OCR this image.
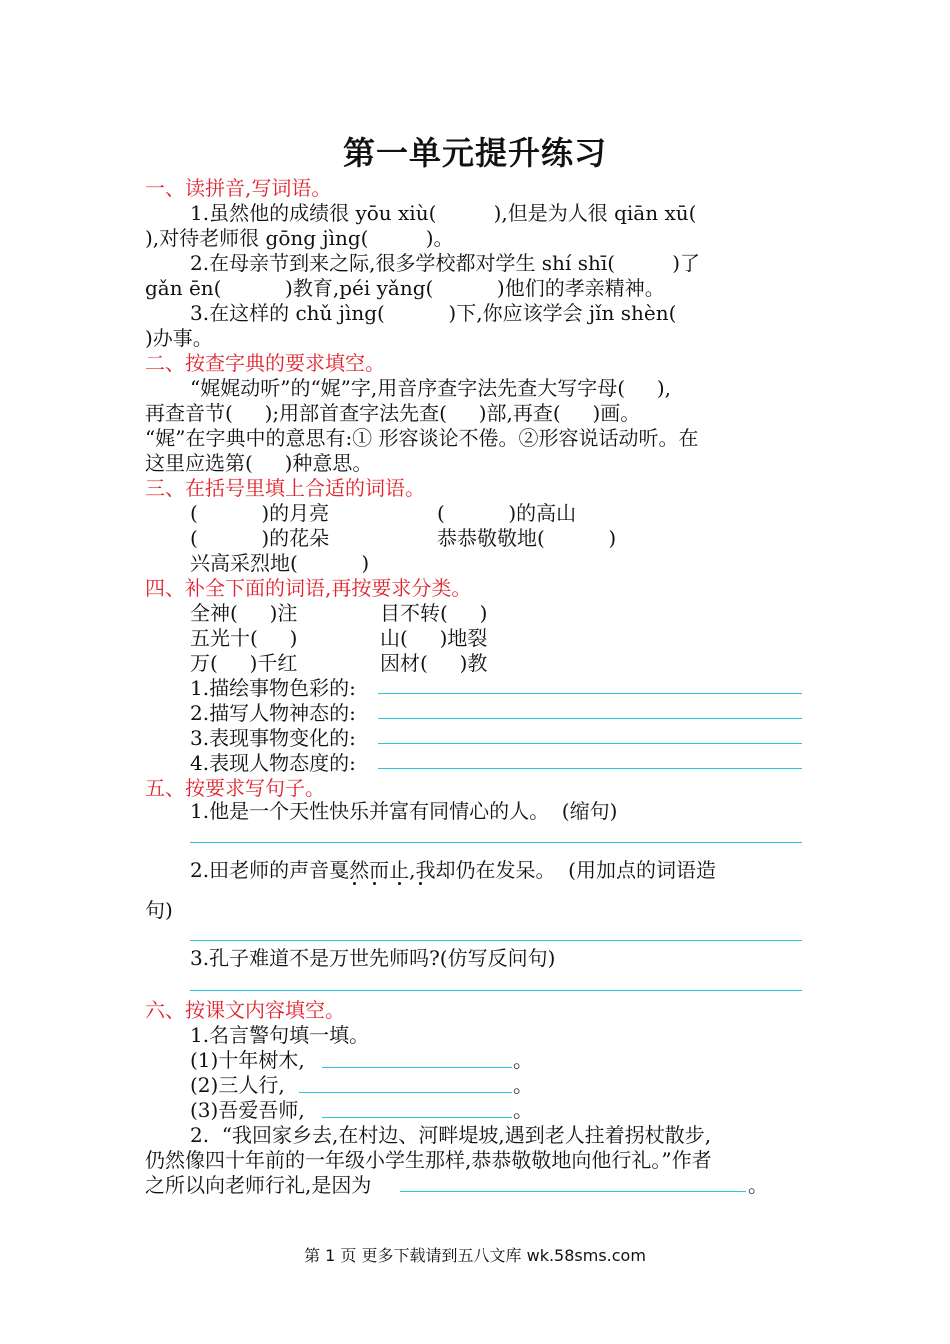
第一单元提升练习
一、读拼音,写词语。
1.虽然他的成绩很 yōu xiù(         ),但是为人很 qiān xū(
),对待老师很 gōng jìng(         )。
2.在母亲节到来之际,很多学校都对学生 shí shī(         )了
gǎn ēn(          )教育,péi yǎng(          )他们的孝亲精神。
3.在这样的 chǔ jìng(          )下,你应该学会 jǐn shèn(
)办事。
二、按查字典的要求填空。
“娓娓动听”的“娓”字,用音序查字法先查大写字母(     ),
再查音节(     );用部首查字法先查(     )部,再查(     )画。
“娓”在字典中的意思有:① 形容谈论不倦。②形容说话动听。在
这里应选第(     )种意思。
三、在括号里填上合适的词语。
(          )的月亮	(          )的高山
(          )的花朵	恭恭敬敬地(          )
兴高采烈地(          )
四、补全下面的词语,再按要求分类。
全神(     )注	目不转(     )
五光十(     )	山(     )地裂
万(     )千红	因材(     )教
1.描绘事物色彩的:
2.描写人物神态的:
3.表现事物变化的:
4.表现人物态度的:
五、按要求写句子。
1.他是一个天性快乐并富有同情心的人。  (缩句)
2.田老师的声音戛然而止,我却仍在发呆。  (用加点的词语造
句)
3.孔子难道不是万世先师吗?(仿写反问句)
六、按课文内容填空。
1.名言警句填一填。
(1)十年树木,	。
(2)三人行,	。
(3)吾爱吾师,	。
2.  “我回家乡去,在村边、河畔堤坡,遇到老人拄着拐杖散步,
仍然像四十年前的一年级小学生那样,恭恭敬敬地向他行礼。”作者
之所以向老师行礼,是因为	。
第 1 页 更多下载请到五八文库 wk.58sms.com
